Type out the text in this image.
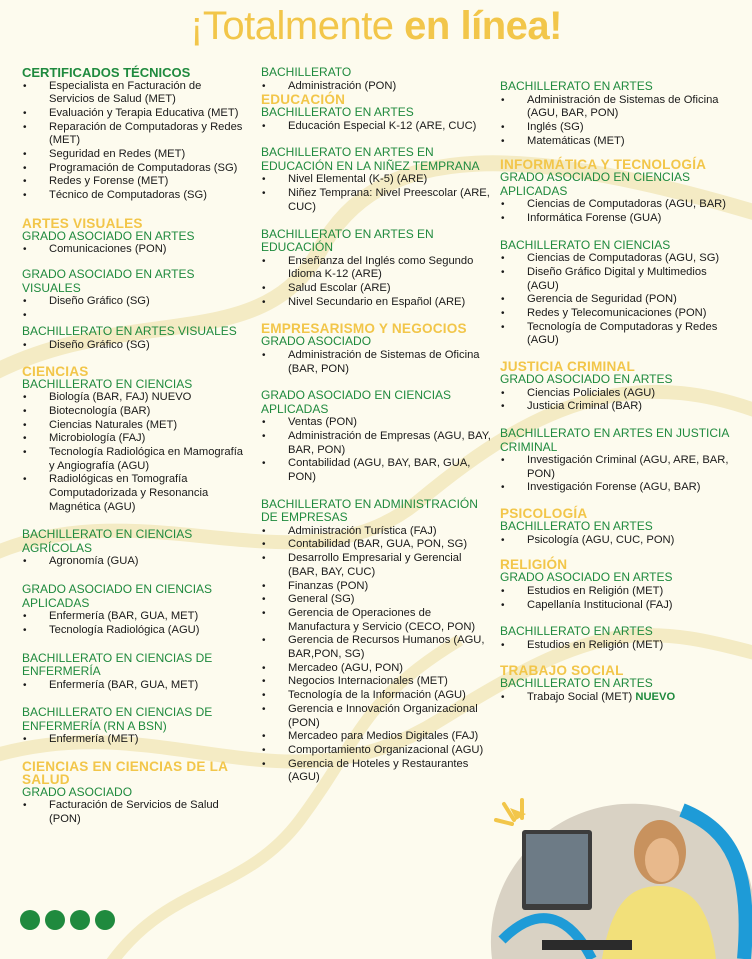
¡Totalmente en línea!
CERTIFICADOS TÉCNICOS
• Especialista en Facturación de Servicios de Salud (MET)
• Evaluación y Terapia Educativa (MET)
• Reparación de Computadoras y Redes (MET)
• Seguridad en Redes (MET)
• Programación de Computadoras (SG)
• Redes y Forense (MET)
• Técnico de Computadoras (SG)
ARTES VISUALES
GRADO ASOCIADO EN ARTES
• Comunicaciones (PON)
GRADO ASOCIADO EN ARTES VISUALES
• Diseño Gráfico (SG)
•
BACHILLERATO EN ARTES VISUALES
• Diseño Gráfico (SG)
CIENCIAS
BACHILLERATO EN CIENCIAS
• Biología (BAR, FAJ) NUEVO
• Biotecnología (BAR)
• Ciencias Naturales (MET)
• Microbiología (FAJ)
• Tecnología Radiológica en Mamografía y Angiografía (AGU)
• Radiológicas en Tomografía Computadorizada y Resonancia Magnética (AGU)
BACHILLERATO EN CIENCIAS AGRÍCOLAS
• Agronomía (GUA)
GRADO ASOCIADO EN CIENCIAS APLICADAS
• Enfermería (BAR, GUA, MET)
• Tecnología Radiológica (AGU)
BACHILLERATO EN CIENCIAS DE ENFERMERÍA
• Enfermería (BAR, GUA, MET)
BACHILLERATO EN CIENCIAS DE ENFERMERÍA (RN A BSN)
• Enfermería (MET)
CIENCIAS EN CIENCIAS DE LA SALUD
GRADO ASOCIADO
• Facturación de Servicios de Salud (PON)
BACHILLERATO
• Administración (PON)
EDUCACIÓN
BACHILLERATO EN ARTES
• Educación Especial K-12 (ARE, CUC)
BACHILLERATO EN ARTES EN EDUCACIÓN EN LA NIÑEZ TEMPRANA
• Nivel Elemental (K-5) (ARE)
• Niñez Temprana: Nivel Preescolar (ARE, CUC)
BACHILLERATO EN ARTES EN EDUCACIÓN
• Enseñanza del Inglés como Segundo Idioma K-12 (ARE)
• Salud Escolar (ARE)
• Nivel Secundario en Español (ARE)
EMPRESARISMO Y NEGOCIOS
GRADO ASOCIADO
• Administración de Sistemas de Oficina (BAR, PON)
GRADO ASOCIADO EN CIENCIAS APLICADAS
• Ventas (PON)
• Administración de Empresas (AGU, BAY, BAR, PON)
• Contabilidad (AGU, BAY, BAR, GUA, PON)
BACHILLERATO EN ADMINISTRACIÓN DE EMPRESAS
• Administración Turística (FAJ)
• Contabilidad (BAR, GUA, PON, SG)
• Desarrollo Empresarial y Gerencial (BAR, BAY, CUC)
• Finanzas (PON)
• General (SG)
• Gerencia de Operaciones de Manufactura y Servicio (CECO, PON)
• Gerencia de Recursos Humanos (AGU, BAR,PON, SG)
• Mercadeo (AGU, PON)
• Negocios Internacionales (MET)
• Tecnología de la Información (AGU)
• Gerencia e Innovación Organizacional (PON)
• Mercadeo para Medios Digitales (FAJ)
• Comportamiento Organizacional (AGU)
• Gerencia de Hoteles y Restaurantes (AGU)
BACHILLERATO EN ARTES
• Administración de Sistemas de Oficina (AGU, BAR, PON)
• Inglés (SG)
• Matemáticas (MET)
INFORMÁTICA Y TECNOLOGÍA
GRADO ASOCIADO EN CIENCIAS APLICADAS
• Ciencias de Computadoras (AGU, BAR)
• Informática Forense (GUA)
BACHILLERATO EN CIENCIAS
• Ciencias de Computadoras (AGU, SG)
• Diseño Gráfico Digital y Multimedios (AGU)
• Gerencia de Seguridad (PON)
• Redes y Telecomunicaciones (PON)
• Tecnología de Computadoras y Redes (AGU)
JUSTICIA CRIMINAL
GRADO ASOCIADO EN ARTES
• Ciencias Policiales (AGU)
• Justicia Criminal (BAR)
BACHILLERATO EN ARTES EN JUSTICIA CRIMINAL
• Investigación Criminal (AGU, ARE, BAR, PON)
• Investigación Forense (AGU, BAR)
PSICOLOGÍA
BACHILLERATO EN ARTES
• Psicología (AGU, CUC, PON)
RELIGIÓN
GRADO ASOCIADO EN ARTES
• Estudios en Religión (MET)
• Capellanía Institucional (FAJ)
BACHILLERATO EN ARTES
• Estudios en Religión (MET)
TRABAJO SOCIAL
BACHILLERATO EN ARTES
• Trabajo Social (MET) NUEVO
